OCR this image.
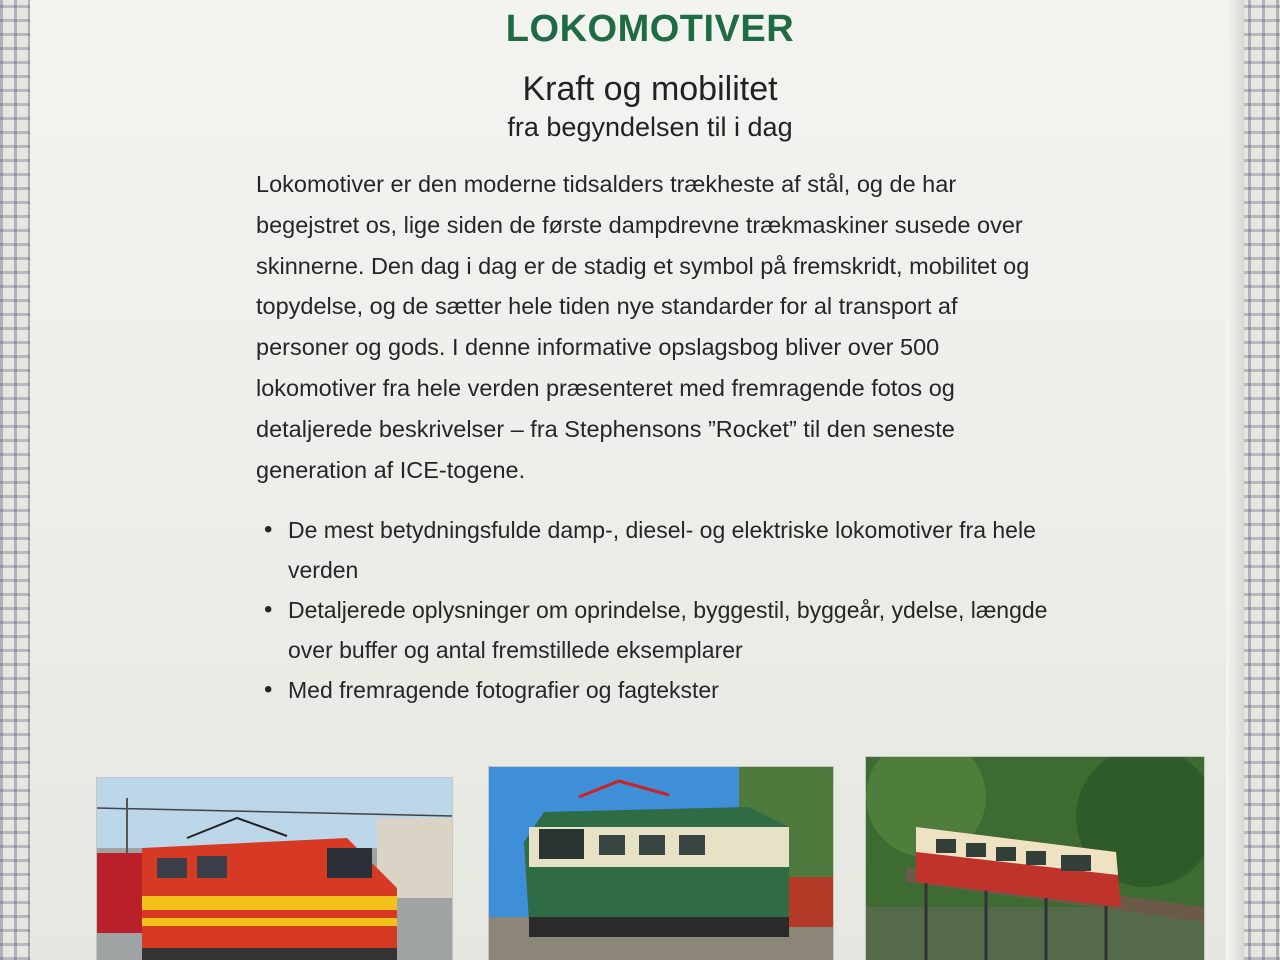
LOKOMOTIVER
Kraft og mobilitet
fra begyndelsen til i dag

Lokomotiver er den moderne tidsalders trækheste af stål, og de har begejstret os, lige siden de første dampdrevne trækmaskiner susede over skinnerne. Den dag i dag er de stadig et symbol på fremskridt, mobilitet og topydelse, og de sætter hele tiden nye standarder for al transport af personer og gods. I denne informative opslagsbog bliver over 500 lokomotiver fra hele verden præsenteret med fremragende fotos og detaljerede beskrivelser – fra Stephensons ”Rocket” til den seneste generation af ICE-togene.

• De mest betydningsfulde damp-, diesel- og elektriske lokomotiver fra hele verden
• Detaljerede oplysninger om oprindelse, byggestil, byggeår, ydelse, længde over buffer og antal fremstillede eksemplarer
• Med fremragende fotografier og fagtekster
